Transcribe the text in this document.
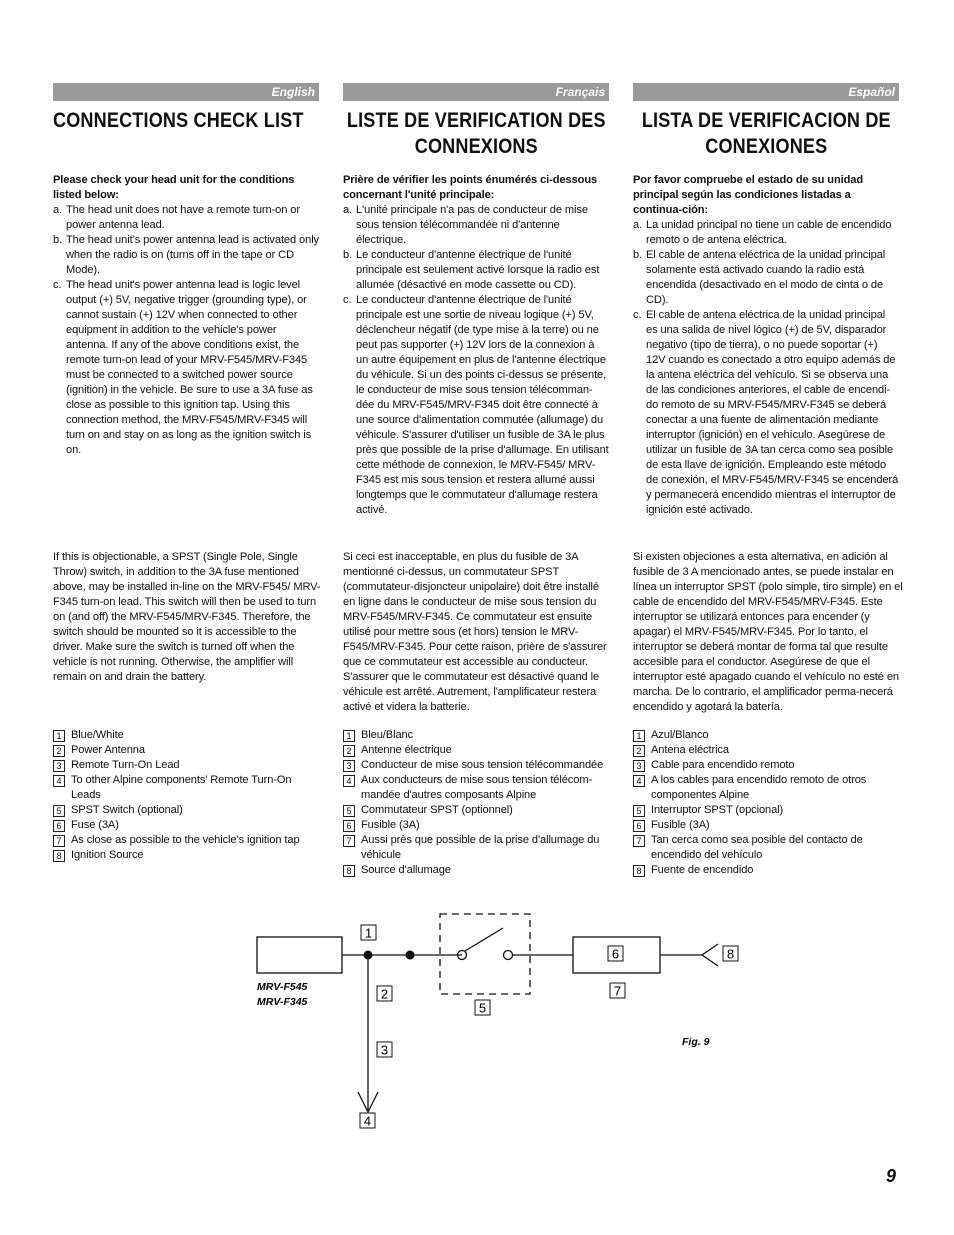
English
CONNECTIONS CHECK LIST
Please check your head unit for the conditions listed below:
a. The head unit does not have a remote turn-on or power antenna lead.
b. The head unit’s power antenna lead is activated only when the radio is on (turns off in the tape or CD Mode).
c. The head unit's power antenna lead is logic level output (+) 5V, negative trigger (grounding type), or cannot sustain (+) 12V when connected to other equipment in addition to the vehicle's power antenna. If any of the above conditions exist, the remote turn-on lead of your MRV-F545/MRV-F345 must be connected to a switched power source (ignition) in the vehicle. Be sure to use a 3A fuse as close as possible to this ignition tap. Using this connection method, the MRV-F545/MRV-F345 will turn on and stay on as long as the ignition switch is on.
Français
LISTE DE VERIFICATION DES CONNEXIONS
Prière de vérifier les points énumérés ci-dessous concernant l'unité principale:
a. L'unité principale n'a pas de conducteur de mise sous tension télécommandée ni d'antenne électrique.
b. Le conducteur d'antenne électrique de l'unité principale est seulement activé lorsque la radio est allumée (désactivé en mode cassette ou CD).
c. Le conducteur d'antenne électrique de l'unité principale est une sortie de niveau logique (+) 5V, déclencheur négatif (de type mise à la terre) ou ne peut pas supporter (+) 12V lors de la connexion à un autre équipement en plus de l'antenne électrique du véhicule. Si un des points ci-dessus se présente, le conducteur de mise sous tension télécomman-dée du MRV-F545/MRV-F345 doit être connecté à une source d'alimentation commutée (allumage) du véhicule. S'assurer d'utiliser un fusible de 3A le plus près que possible de la prise d'allumage. En utilisant cette méthode de connexion, le MRV-F545/ MRV-F345 est mis sous tension et restera allumé aussi longtemps que le commutateur d'allumage restera activé.
Español
LISTA DE VERIFICACION DE CONEXIONES
Por favor compruebe el estado de su unidad principal según las condiciones listadas a continua-ción:
a. La unidad principal no tiene un cable de encendido remoto o de antena eléctrica.
b. El cable de antena eléctrica de la unidad principal solamente está activado cuando la radio está encendida (desactivado en el modo de cinta o de CD).
c. El cable de antena eléctrica de la unidad principal es una salida de nivel lógico (+) de 5V, disparador negativo (tipo de tierra), o no puede soportar (+) 12V cuando es conectado a otro equipo además de la antena eléctrica del vehículo. Si se observa una de las condiciones anteriores, el cable de encendi-do remoto de su MRV-F545/MRV-F345 se deberá conectar a una fuente de alimentación mediante interruptor (ignición) en el vehículo. Asegúrese de utilizar un fusible de 3A tan cerca como sea posible de esta llave de ignición. Empleando este método de conexión, el MRV-F545/MRV-F345 se encenderá y permanecerá encendido mientras el interruptor de ignición esté activado.
If this is objectionable, a SPST (Single Pole, Single Throw) switch, in addition to the 3A fuse mentioned above, may be installed in-line on the MRV-F545/ MRV-F345 turn-on lead. This switch will then be used to turn on (and off) the MRV-F545/MRV-F345. Therefore, the switch should be mounted so it is accessible to the driver. Make sure the switch is turned off when the vehicle is not running. Otherwise, the amplifier will remain on and drain the battery.
Si ceci est inacceptable, en plus du fusible de 3A mentionné ci-dessus, un commutateur SPST (commutateur-disjoncteur unipolaire) doit être installé en ligne dans le conducteur de mise sous tension du MRV-F545/MRV-F345. Ce commutateur est ensuite utilisé pour mettre sous (et hors) tension le MRV-F545/MRV-F345. Pour cette raison, prière de s'assurer que ce commutateur est accessible au conducteur. S'assurer que le commutateur est désactivé quand le véhicule est arrêté. Autrement, l'amplificateur restera activé et videra la batterie.
Si existen objeciones a esta alternativa, en adición al fusible de 3 A mencionado antes, se puede instalar en línea un interruptor SPST (polo simple, tiro simple) en el cable de encendido del MRV-F545/MRV-F345. Este interruptor se utilizará entonces para encender (y apagar) el MRV-F545/MRV-F345. Por lo tanto, el interruptor se deberá montar de forma tal que resulte accesible para el conductor. Asegúrese de que el interruptor esté apagado cuando el vehículo no esté en marcha. De lo contrario, el amplificador perma-necerá encendido y agotará la batería.
1 Blue/White
2 Power Antenna
3 Remote Turn-On Lead
4 To other Alpine components’ Remote Turn-On Leads
5 SPST Switch (optional)
6 Fuse (3A)
7 As close as possible to the vehicle’s ignition tap
8 Ignition Source
1 Bleu/Blanc
2 Antenne électrique
3 Conducteur de mise sous tension télécommandée
4 Aux conducteurs de mise sous tension télécom-mandée d'autres composants Alpine
5 Commutateur SPST (optionnel)
6 Fusible (3A)
7 Aussi près que possible de la prise d'allumage du véhicule
8 Source d'allumage
1 Azul/Blanco
2 Antena eléctrica
3 Cable para encendido remoto
4 A los cables para encendido remoto de otros componentes Alpine
5 Interruptor SPST (opcional)
6 Fusible (3A)
7 Tan cerca como sea posible del contacto de encendido del vehículo
8 Fuente de encendido
MRV-F545
MRV-F345
1
2
3
4
5
6
7
8
Fig. 9
9
